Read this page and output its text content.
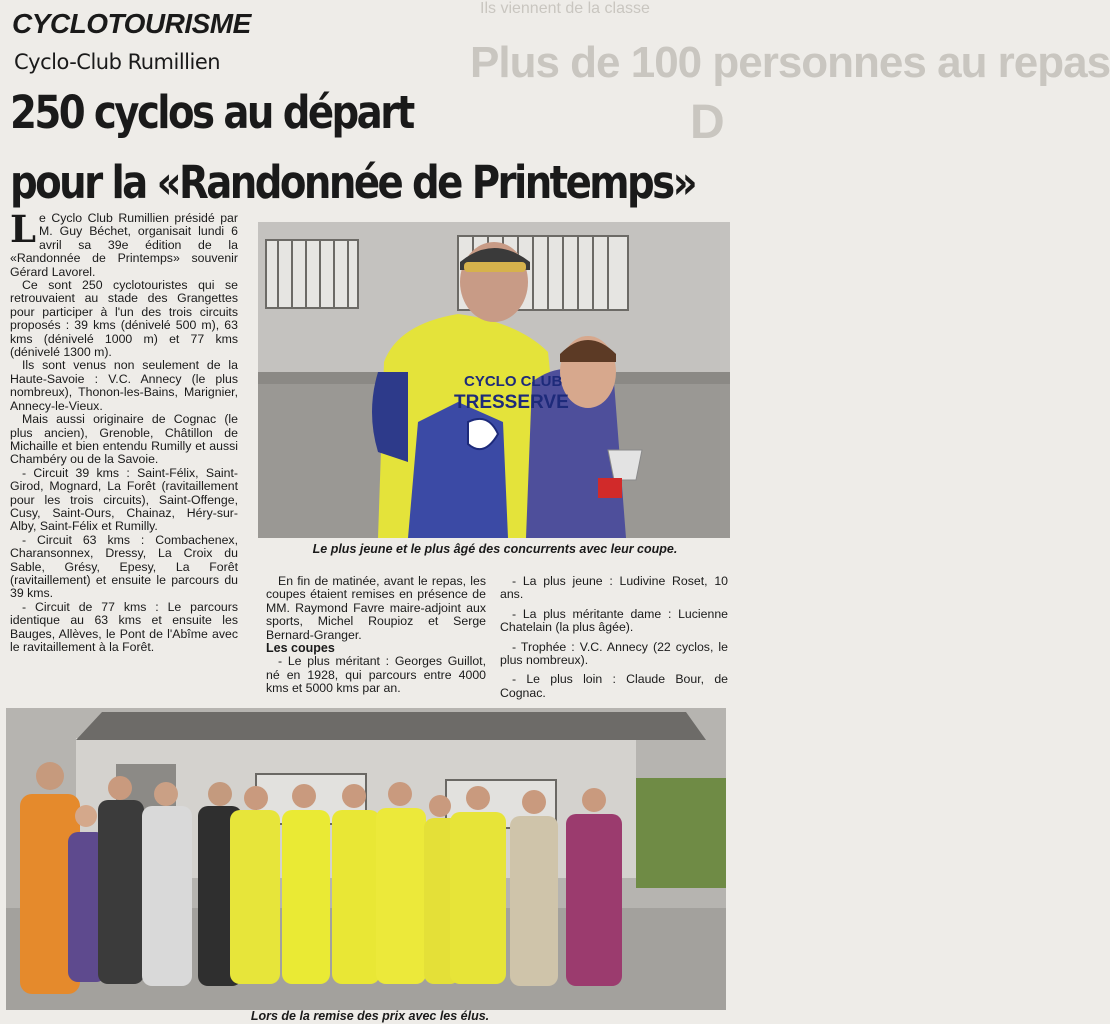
Ils viennent de la classe
Plus de 100 personnes au repas
D
CYCLOTOURISME
Cyclo-Club Rumillien
250 cyclos au départ
pour la «Randonnée de Printemps»

Le Cyclo Club Rumillien présidé par M. Guy Béchet, organisait lundi 6 avril sa 39e édition de la «Randonnée de Printemps» souvenir Gérard Lavorel.

Ce sont 250 cyclotouristes qui se retrouvaient au stade des Grangettes pour participer à l'un des trois circuits proposés : 39 kms (dénivelé 500 m), 63 kms (dénivelé 1000 m) et 77 kms (dénivelé 1300 m).

Ils sont venus non seulement de la Haute-Savoie : V.C. Annecy (le plus nombreux), Thonon-les-Bains, Marignier, Annecy-le-Vieux.

Mais aussi originaire de Cognac (le plus ancien), Grenoble, Châtillon de Michaille et bien entendu Rumilly et aussi Chambéry ou de la Savoie.

- Circuit 39 kms : Saint-Félix, Saint-Girod, Mognard, La Forêt (ravitaillement pour les trois circuits), Saint-Offenge, Cusy, Saint-Ours, Chainaz, Héry-sur-Alby, Saint-Félix et Rumilly.

- Circuit 63 kms : Combachenex, Charansonnex, Dressy, La Croix du Sable, Grésy, Epesy, La Forêt (ravitaillement) et ensuite le parcours du 39 kms.

- Circuit de 77 kms : Le parcours identique au 63 kms et ensuite les Bauges, Allèves, le Pont de l'Abîme avec le ravitaillement à la Forêt.

CYCLO CLUB
TRESSERVE
Le plus jeune et le plus âgé des concurrents avec leur coupe.

En fin de matinée, avant le repas, les coupes étaient remises en présence de MM. Raymond Favre maire-adjoint aux sports, Michel Roupioz et Serge Bernard-Granger.

Les coupes

- Le plus méritant : Georges Guillot, né en 1928, qui parcours entre 4000 kms et 5000 kms par an.

- La plus jeune : Ludivine Roset, 10 ans.

- La plus méritante dame : Lucienne Chatelain (la plus âgée).

- Trophée : V.C. Annecy (22 cyclos, le plus nombreux).

- Le plus loin : Claude Bour, de Cognac.

Lors de la remise des prix avec les élus.
